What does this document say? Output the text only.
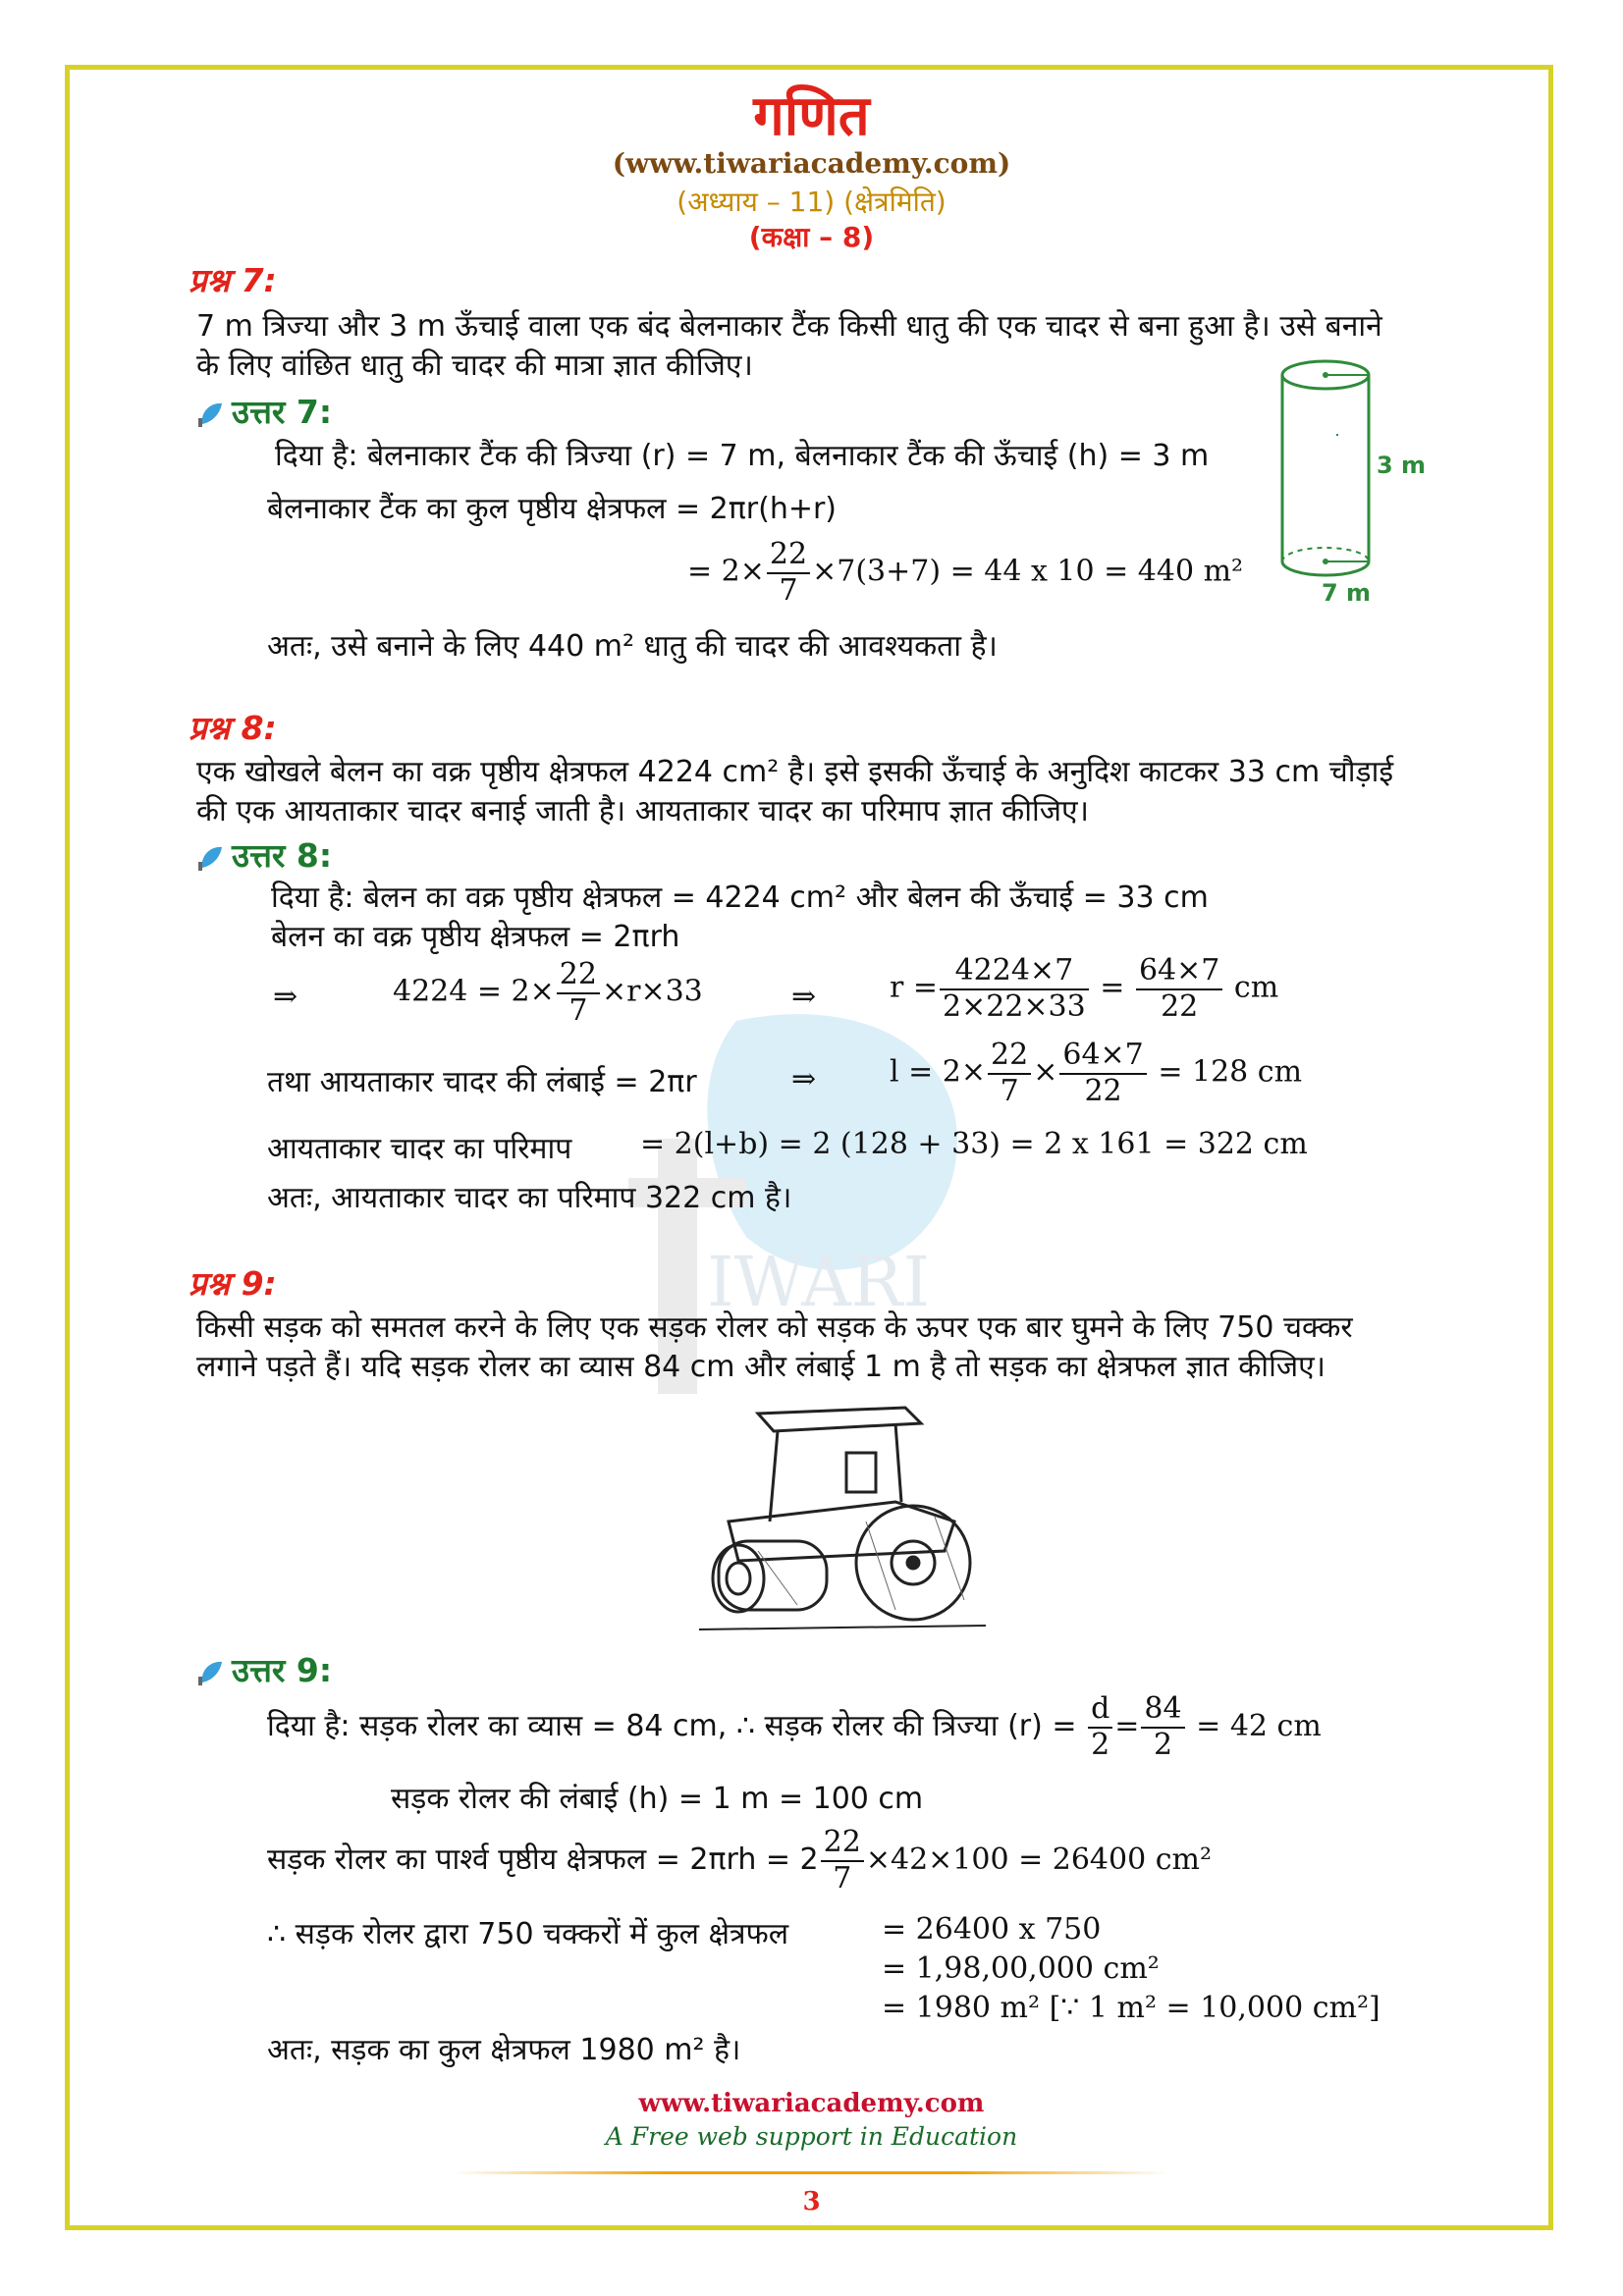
IWARI
गणित
(www.tiwariacademy.com)
(अध्याय – 11) (क्षेत्रमिति)
(कक्षा – 8)
प्रश्न 7:
7 m त्रिज्या और 3 m ऊँचाई वाला एक बंद बेलनाकार टैंक किसी धातु की एक चादर से बना हुआ है। उसे बनाने
के लिए वांछित धातु की चादर की मात्रा ज्ञात कीजिए।
3 m
7 m
उत्तर 7:
दिया है: बेलनाकार टैंक की त्रिज्या (r) = 7 m, बेलनाकार टैंक की ऊँचाई (h) = 3 m
बेलनाकार टैंक का कुल पृष्ठीय क्षेत्रफल = 2πr(h+r)
= $2\times \frac{22}{7} \times 7(3+7) = 44$ x 10 = 440 m²
अतः, उसे बनाने के लिए 440 m² धातु की चादर की आवश्यकता है।
प्रश्न 8:
एक खोखले बेलन का वक्र पृष्ठीय क्षेत्रफल 4224 cm² है। इसे इसकी ऊँचाई के अनुदिश काटकर 33 cm चौड़ाई
की एक आयताकार चादर बनाई जाती है। आयताकार चादर का परिमाप ज्ञात कीजिए।
उत्तर 8:
दिया है: बेलन का वक्र पृष्ठीय क्षेत्रफल = 4224 cm² और बेलन की ऊँचाई = 33 cm
बेलन का वक्र पृष्ठीय क्षेत्रफल = 2πrh
⇒	$4224 = 2\times \frac{22}{7} \times r\times 33$	⇒ $r = \frac{4224\times 7}{2\times 22\times 33} = \frac{64\times 7}{22}$ cm
तथा आयताकार चादर की लंबाई = 2πr	⇒ $l = 2\times \frac{22}{7} \times \frac{64\times 7}{22} = 128$ cm
आयताकार चादर का परिमाप = 2(l+b) = 2 (128 + 33) = 2 x 161 = 322 cm
अतः, आयताकार चादर का परिमाप 322 cm है।
प्रश्न 9:
किसी सड़क को समतल करने के लिए एक सड़क रोलर को सड़क के ऊपर एक बार घुमने के लिए 750 चक्कर
लगाने पड़ते हैं। यदि सड़क रोलर का व्यास 84 cm और लंबाई 1 m है तो सड़क का क्षेत्रफल ज्ञात कीजिए।
उत्तर 9:
दिया है: सड़क रोलर का व्यास = 84 cm, ∴ सड़क रोलर की त्रिज्या $(r) = \frac{d}{2} = \frac{84}{2} = 42$ cm
सड़क रोलर की लंबाई (h) = 1 m = 100 cm
सड़क रोलर का पार्श्व पृष्ठीय क्षेत्रफल = $2\pi rh = 2 \frac{22}{7} \times 42\times 100 = 26400$ cm²
∴ सड़क रोलर द्वारा 750 चक्करों में कुल क्षेत्रफल	= 26400 x 750
= 1,98,00,000 cm²
= 1980 m² [∵ 1 m² = 10,000 cm²]
अतः, सड़क का कुल क्षेत्रफल 1980 m² है।
www.tiwariacademy.com
A Free web support in Education
3
